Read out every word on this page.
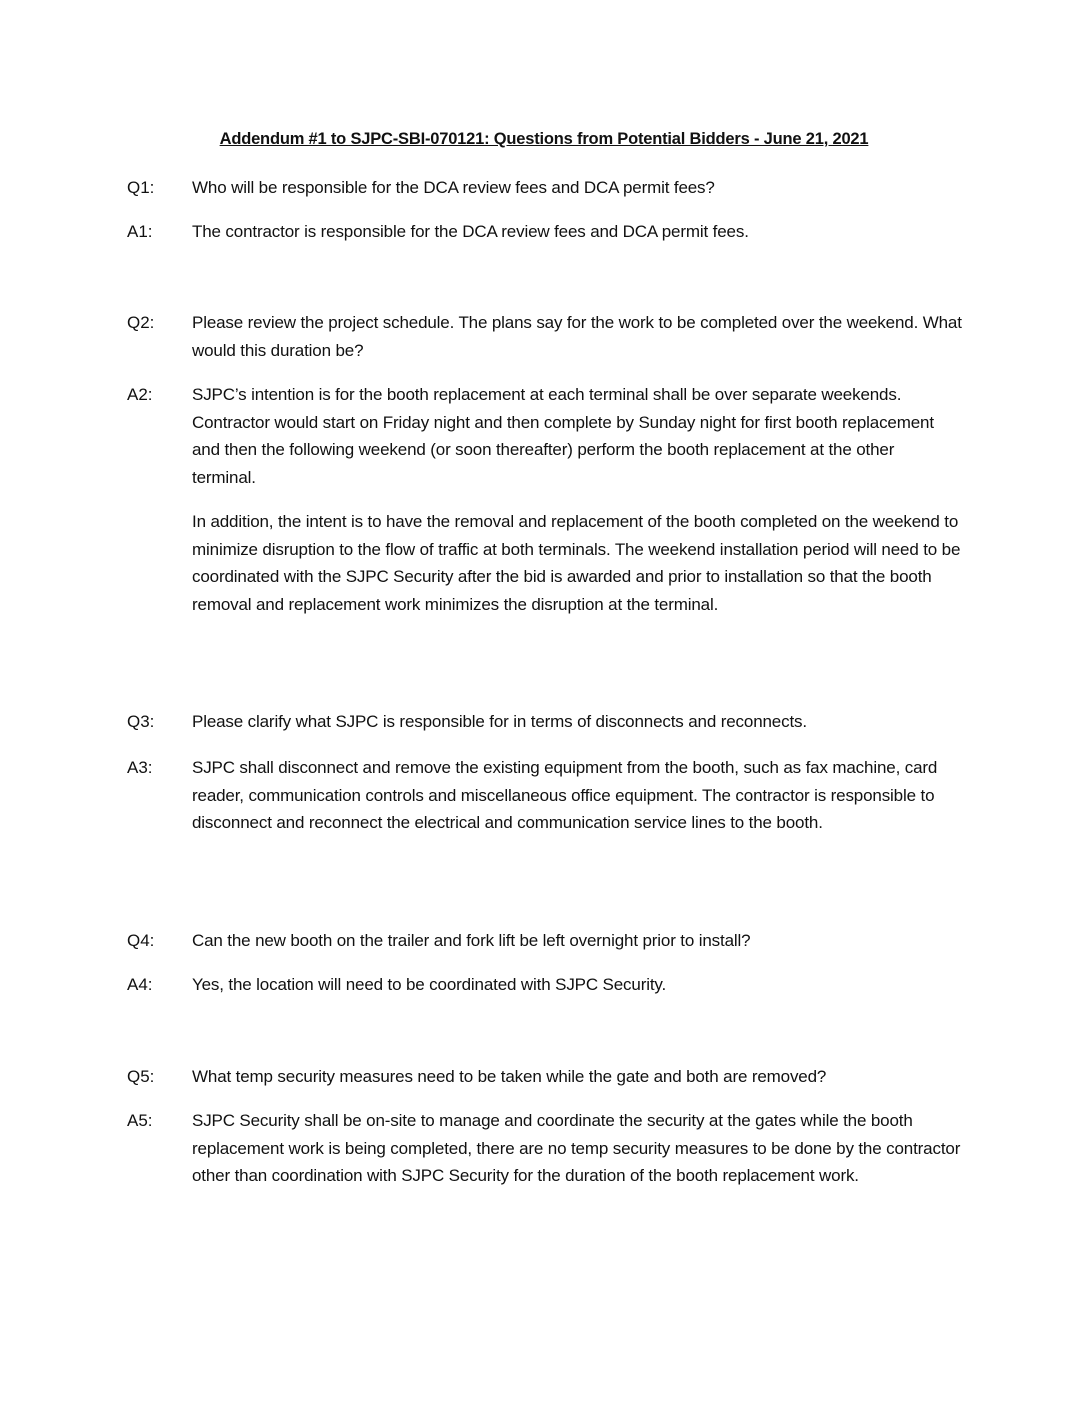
Addendum #1 to SJPC-SBI-070121: Questions from Potential Bidders - June 21, 2021
Q1: Who will be responsible for the DCA review fees and DCA permit fees?

A1: The contractor is responsible for the DCA review fees and DCA permit fees.

Q2: Please review the project schedule. The plans say for the work to be completed over the weekend. What would this duration be?

A2: SJPC’s intention is for the booth replacement at each terminal shall be over separate weekends. Contractor would start on Friday night and then complete by Sunday night for first booth replacement and then the following weekend (or soon thereafter) perform the booth replacement at the other terminal.

In addition, the intent is to have the removal and replacement of the booth completed on the weekend to minimize disruption to the flow of traffic at both terminals. The weekend installation period will need to be coordinated with the SJPC Security after the bid is awarded and prior to installation so that the booth removal and replacement work minimizes the disruption at the terminal.

Q3: Please clarify what SJPC is responsible for in terms of disconnects and reconnects.

A3: SJPC shall disconnect and remove the existing equipment from the booth, such as fax machine, card reader, communication controls and miscellaneous office equipment. The contractor is responsible to disconnect and reconnect the electrical and communication service lines to the booth.

Q4: Can the new booth on the trailer and fork lift be left overnight prior to install?

A4: Yes, the location will need to be coordinated with SJPC Security.

Q5: What temp security measures need to be taken while the gate and both are removed?

A5: SJPC Security shall be on-site to manage and coordinate the security at the gates while the booth replacement work is being completed, there are no temp security measures to be done by the contractor other than coordination with SJPC Security for the duration of the booth replacement work.
